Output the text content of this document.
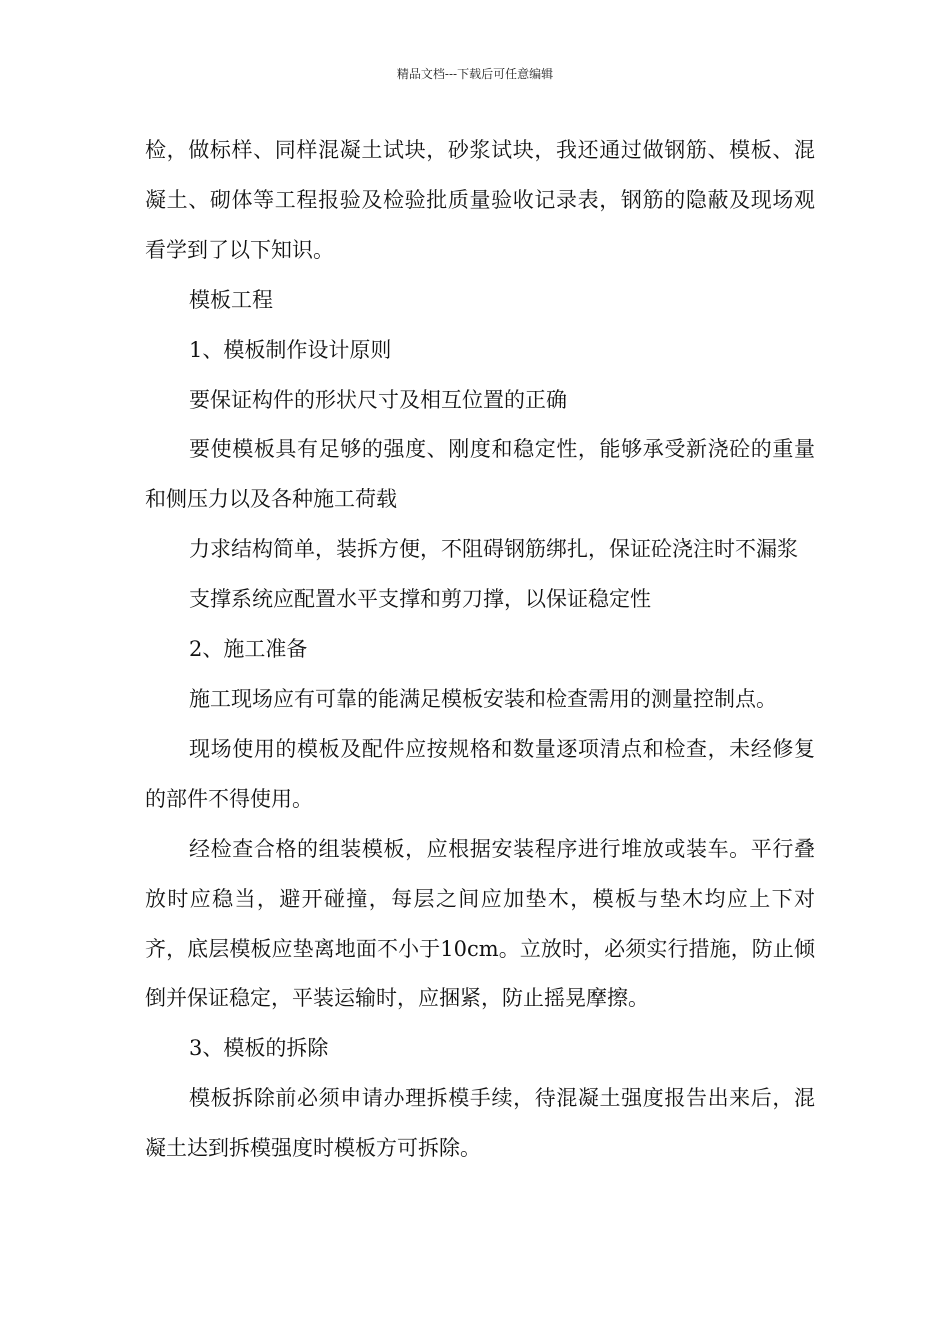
精品文档---下载后可任意编辑

检，做标样、同样混凝土试块，砂浆试块，我还通过做钢筋、模板、混凝土、砌体等工程报验及检验批质量验收记录表，钢筋的隐蔽及现场观看学到了以下知识。

模板工程

1、模板制作设计原则

要保证构件的形状尺寸及相互位置的正确

要使模板具有足够的强度、刚度和稳定性，能够承受新浇砼的重量和侧压力以及各种施工荷载

力求结构简单，装拆方便，不阻碍钢筋绑扎，保证砼浇注时不漏浆

支撑系统应配置水平支撑和剪刀撑，以保证稳定性

2、施工准备

施工现场应有可靠的能满足模板安装和检查需用的测量控制点。

现场使用的模板及配件应按规格和数量逐项清点和检查，未经修复的部件不得使用。

经检查合格的组装模板，应根据安装程序进行堆放或装车。平行叠放时应稳当，避开碰撞，每层之间应加垫木，模板与垫木均应上下对齐，底层模板应垫离地面不小于10cm。立放时，必须实行措施，防止倾倒并保证稳定，平装运输时，应捆紧，防止摇晃摩擦。

3、模板的拆除

模板拆除前必须申请办理拆模手续，待混凝土强度报告出来后，混凝土达到拆模强度时模板方可拆除。
